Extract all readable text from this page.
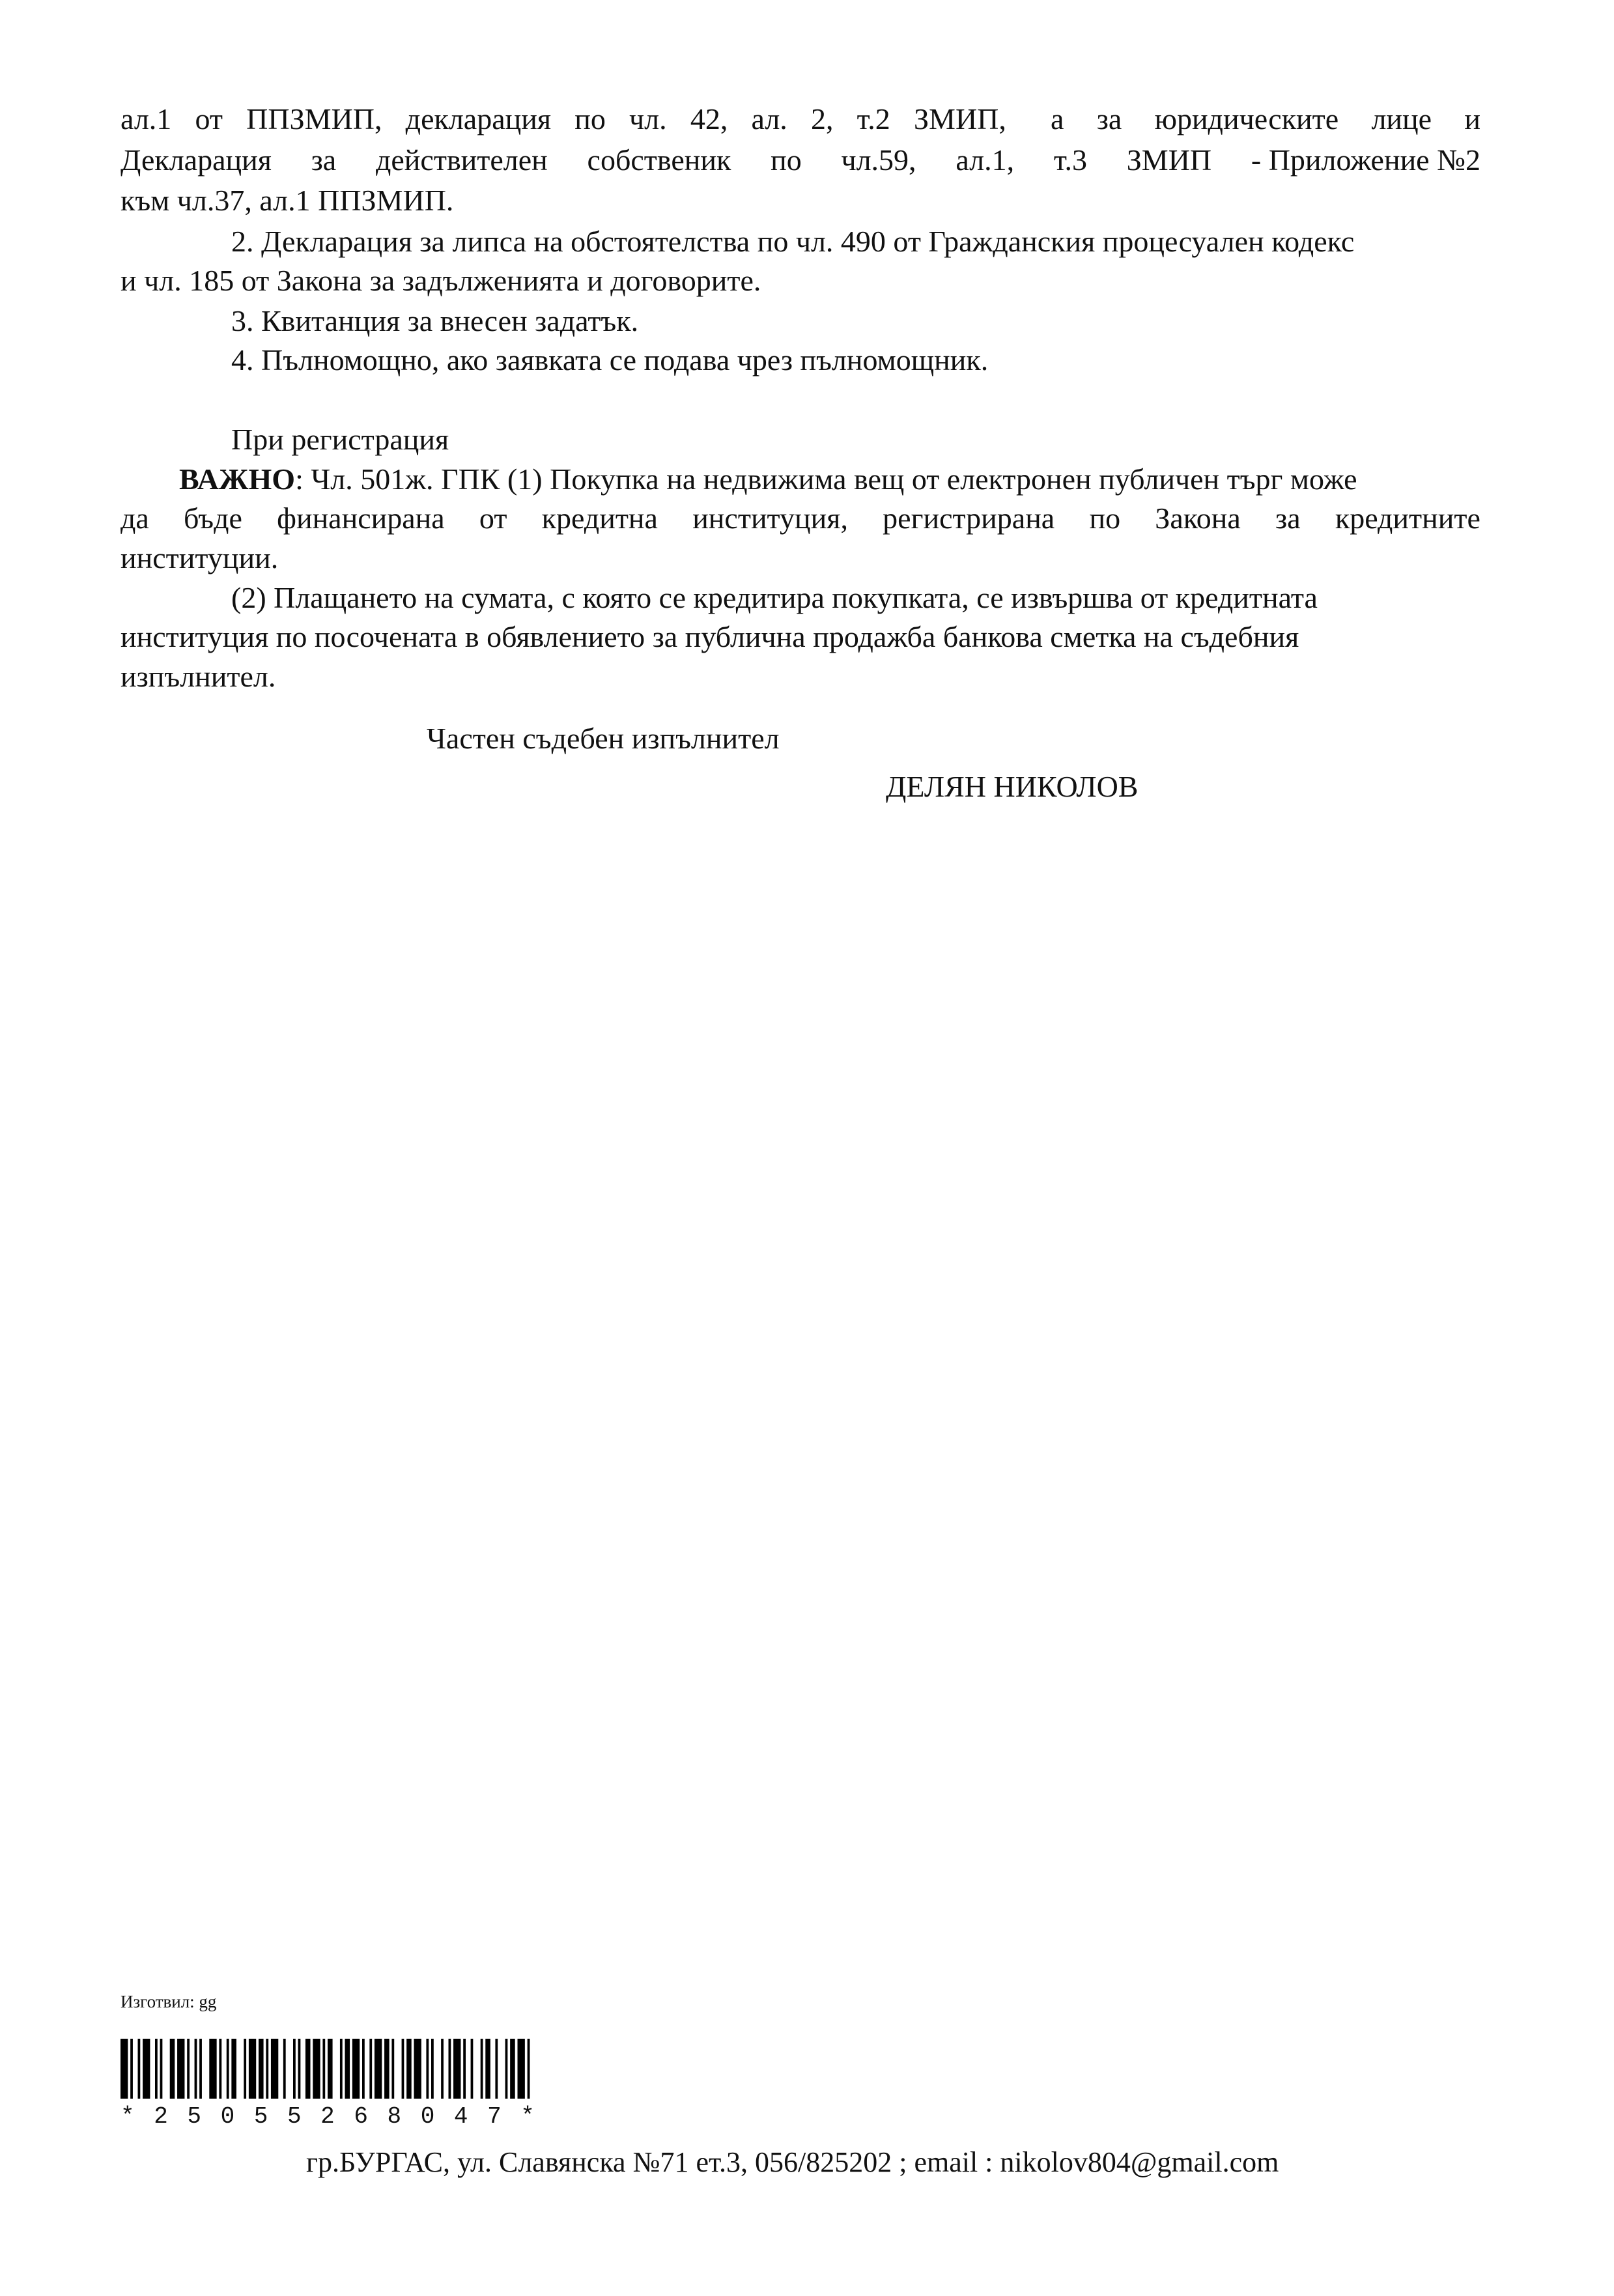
ал.1 от ППЗМИП, декларация по чл. 42, ал. 2, т.2 ЗМИП, а за юридическите лице и
Декларация за действителен собственик по чл.59, ал.1, т.3 ЗМИП - Приложение №2
към чл.37, ал.1 ППЗМИП.
2. Декларация за липса на обстоятелства по чл. 490 от Гражданския процесуален кодекс
и чл. 185 от Закона за задълженията и договорите.
3. Квитанция за внесен задатък.
4. Пълномощно, ако заявката се подава чрез пълномощник.
При регистрация
ВАЖНО: Чл. 501ж. ГПК (1) Покупка на недвижима вещ от електронен публичен търг може
да бъде финансирана от кредитна институция, регистрирана по Закона за кредитните
институции.
(2) Плащането на сумата, с която се кредитира покупката, се извършва от кредитната
институция по посочената в обявлението за публична продажба банкова сметка на съдебния
изпълнител.
Частен съдебен изпълнител
ДЕЛЯН НИКОЛОВ
Изготвил: gg
* 2 5 0 5 5 2 6 8 0 4 7 *
гр.БУРГАС, ул. Славянска №71 ет.3, 056/825202 ; email : nikolov804@gmail.com
